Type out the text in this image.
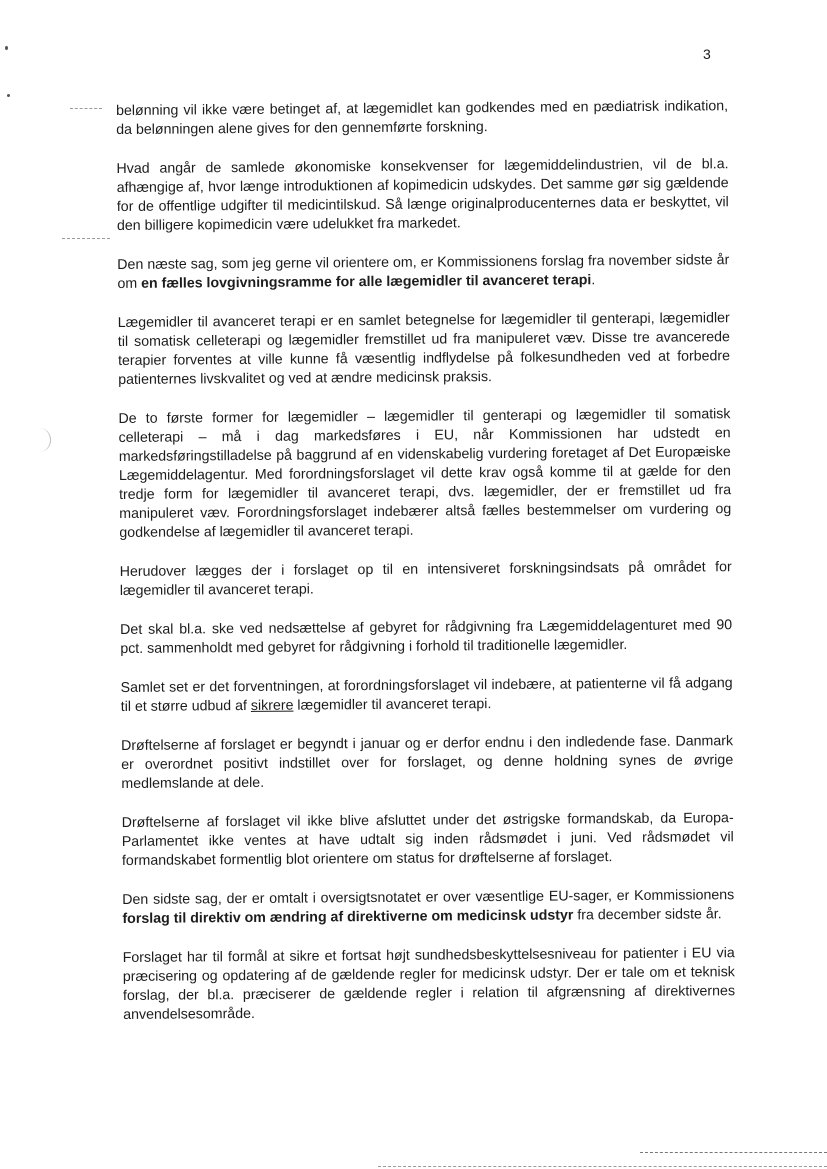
3

belønning vil ikke være betinget af, at lægemidlet kan godkendes med en pædiatrisk indikation, da belønningen alene gives for den gennemførte forskning.

Hvad angår de samlede økonomiske konsekvenser for lægemiddelindustrien, vil de bl.a. afhængige af, hvor længe introduktionen af kopimedicin udskydes. Det samme gør sig gældende for de offentlige udgifter til medicintilskud. Så længe originalproducenternes data er beskyttet, vil den billigere kopimedicin være udelukket fra markedet.

Den næste sag, som jeg gerne vil orientere om, er Kommissionens forslag fra november sidste år om en fælles lovgivningsramme for alle lægemidler til avanceret terapi.

Lægemidler til avanceret terapi er en samlet betegnelse for lægemidler til genterapi, lægemidler til somatisk celleterapi og lægemidler fremstillet ud fra manipuleret væv. Disse tre avancerede terapier forventes at ville kunne få væsentlig indflydelse på folkesundheden ved at forbedre patienternes livskvalitet og ved at ændre medicinsk praksis.

De to første former for lægemidler – lægemidler til genterapi og lægemidler til somatisk celleterapi – må i dag markedsføres i EU, når Kommissionen har udstedt en markedsføringstilladelse på baggrund af en videnskabelig vurdering foretaget af Det Europæiske Lægemiddelagentur. Med forordningsforslaget vil dette krav også komme til at gælde for den tredje form for lægemidler til avanceret terapi, dvs. lægemidler, der er fremstillet ud fra manipuleret væv. Forordningsforslaget indebærer altså fælles bestemmelser om vurdering og godkendelse af lægemidler til avanceret terapi.

Herudover lægges der i forslaget op til en intensiveret forskningsindsats på området for lægemidler til avanceret terapi.

Det skal bl.a. ske ved nedsættelse af gebyret for rådgivning fra Lægemiddelagenturet med 90 pct. sammenholdt med gebyret for rådgivning i forhold til traditionelle lægemidler.

Samlet set er det forventningen, at forordningsforslaget vil indebære, at patienterne vil få adgang til et større udbud af sikrere lægemidler til avanceret terapi.

Drøftelserne af forslaget er begyndt i januar og er derfor endnu i den indledende fase. Danmark er overordnet positivt indstillet over for forslaget, og denne holdning synes de øvrige medlemslande at dele.

Drøftelserne af forslaget vil ikke blive afsluttet under det østrigske formandskab, da Europa-Parlamentet ikke ventes at have udtalt sig inden rådsmødet i juni. Ved rådsmødet vil formandskabet formentlig blot orientere om status for drøftelserne af forslaget.

Den sidste sag, der er omtalt i oversigtsnotatet er over væsentlige EU-sager, er Kommissionens forslag til direktiv om ændring af direktiverne om medicinsk udstyr fra december sidste år.

Forslaget har til formål at sikre et fortsat højt sundhedsbeskyttelsesniveau for patienter i EU via præcisering og opdatering af de gældende regler for medicinsk udstyr. Der er tale om et teknisk forslag, der bl.a. præciserer de gældende regler i relation til afgrænsning af direktivernes anvendelsesområde.
